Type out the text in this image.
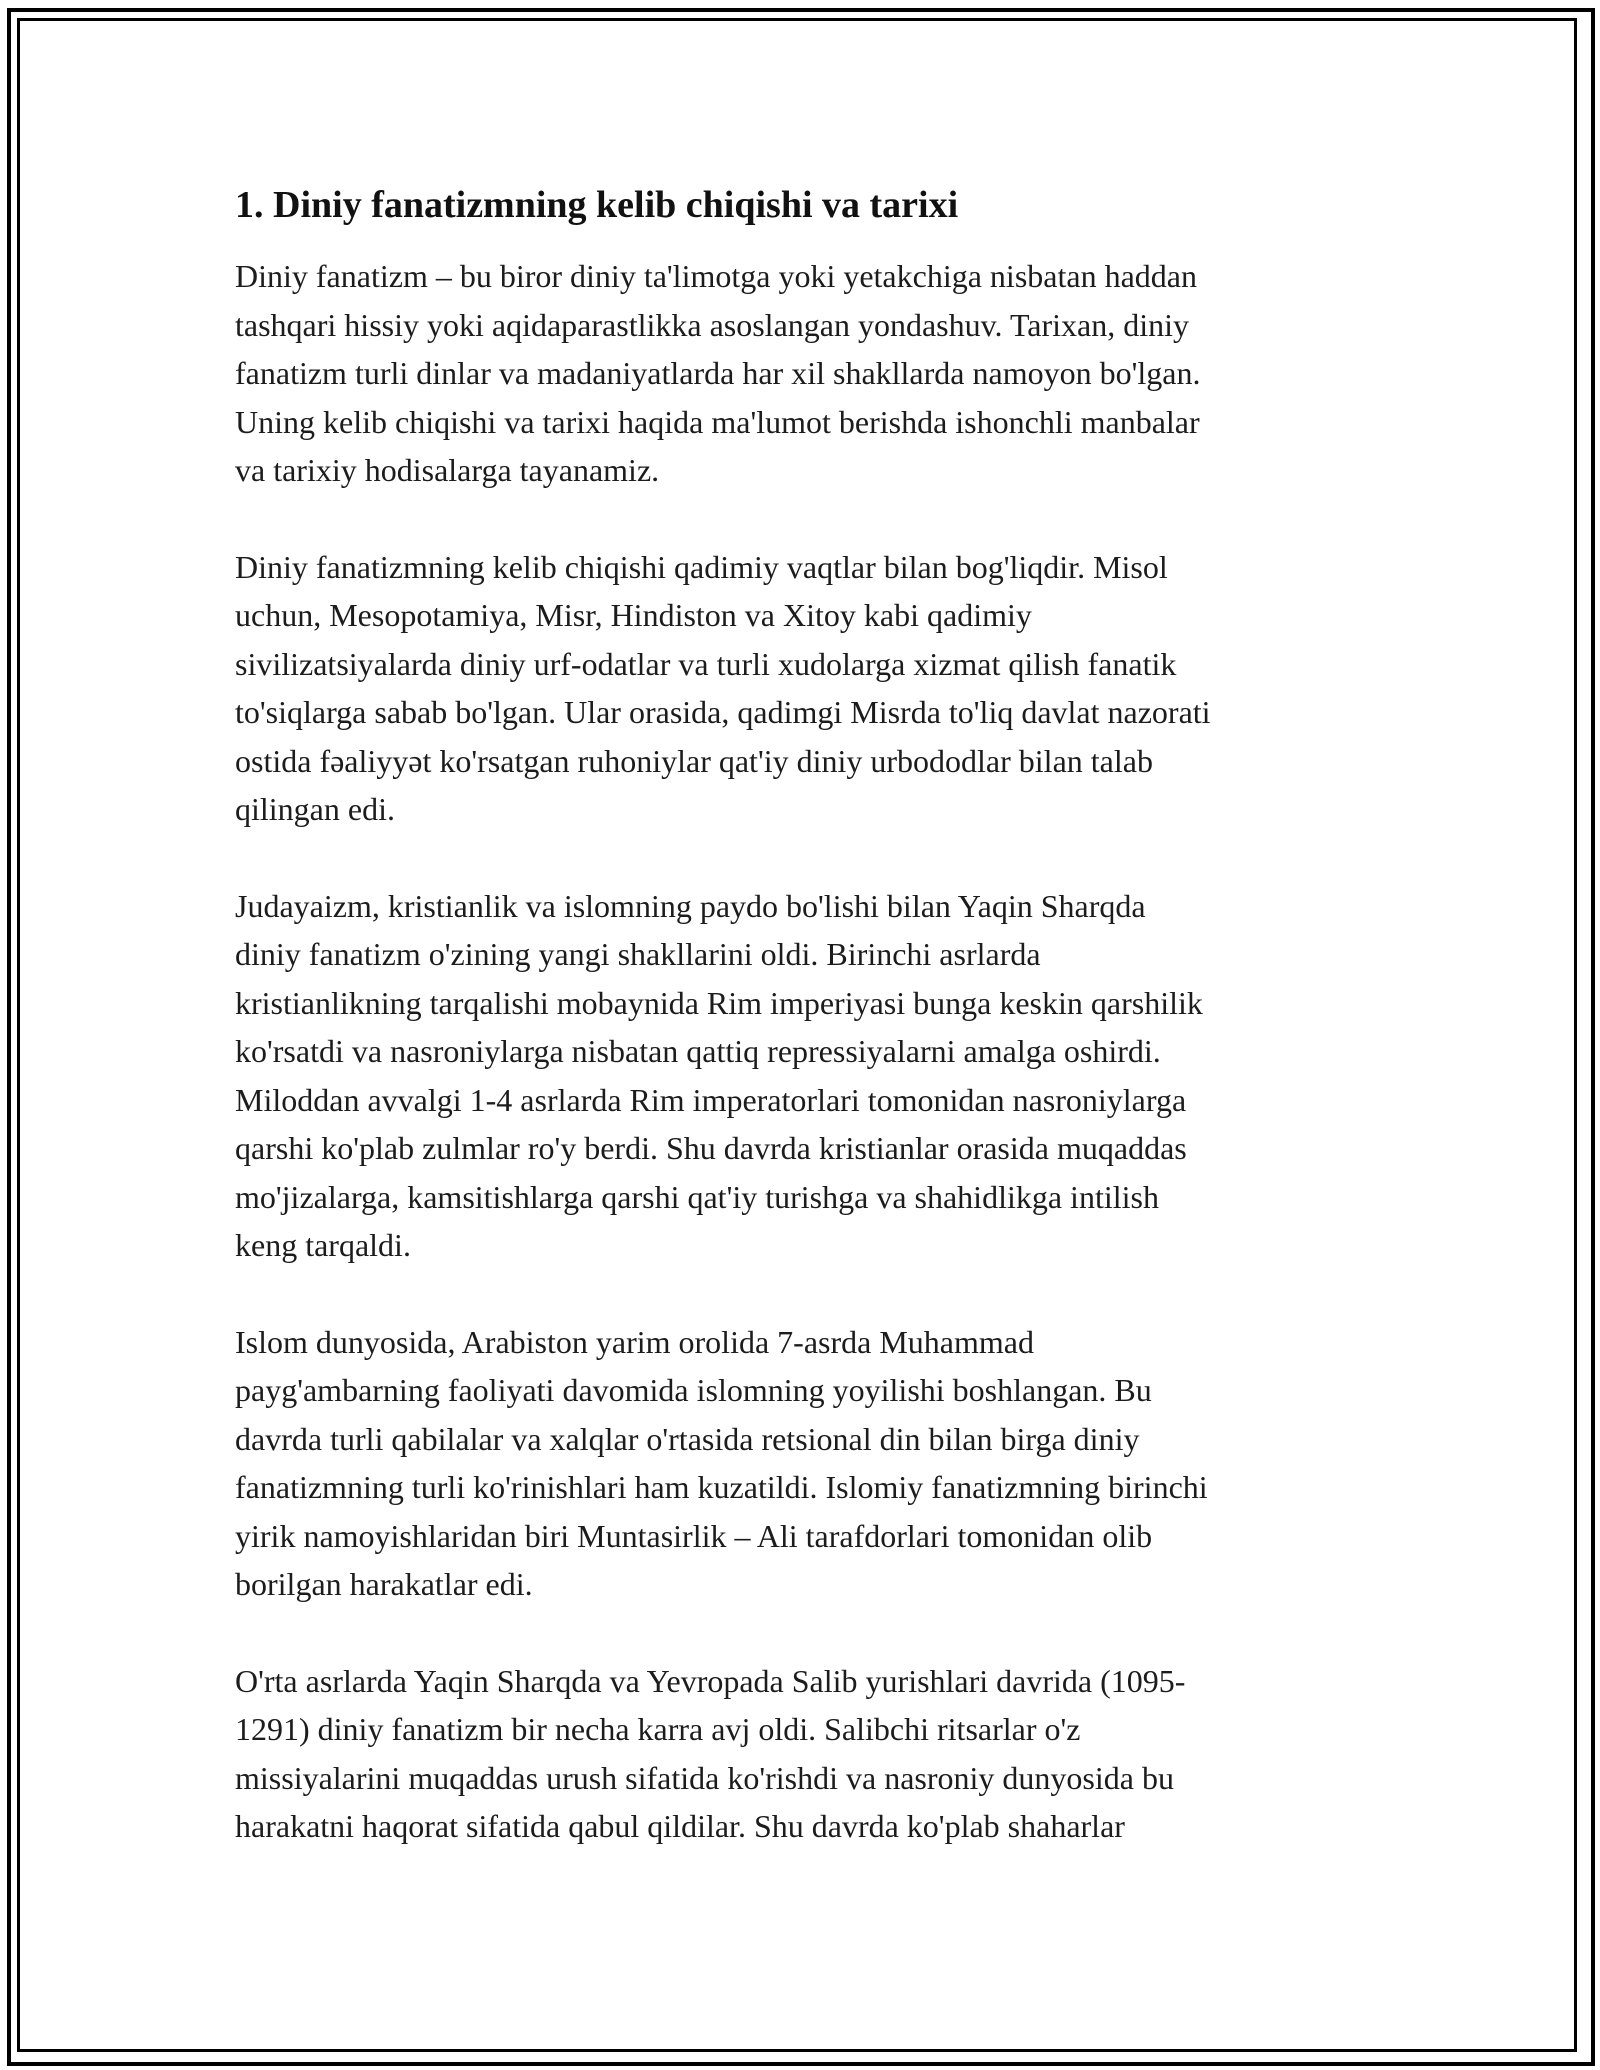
1. Diniy fanatizmning kelib chiqishi va tarixi

Diniy fanatizm – bu biror diniy ta'limotga yoki yetakchiga nisbatan haddan
tashqari hissiy yoki aqidaparastlikka asoslangan yondashuv. Tarixan, diniy
fanatizm turli dinlar va madaniyatlarda har xil shakllarda namoyon bo'lgan.
Uning kelib chiqishi va tarixi haqida ma'lumot berishda ishonchli manbalar
va tarixiy hodisalarga tayanamiz.

Diniy fanatizmning kelib chiqishi qadimiy vaqtlar bilan bog'liqdir. Misol
uchun, Mesopotamiya, Misr, Hindiston va Xitoy kabi qadimiy
sivilizatsiyalarda diniy urf-odatlar va turli xudolarga xizmat qilish fanatik
to'siqlarga sabab bo'lgan. Ular orasida, qadimgi Misrda to'liq davlat nazorati
ostida fəaliyyət ko'rsatgan ruhoniylar qat'iy diniy urbododlar bilan talab
qilingan edi.

Judayaizm, kristianlik va islomning paydo bo'lishi bilan Yaqin Sharqda
diniy fanatizm o'zining yangi shakllarini oldi. Birinchi asrlarda
kristianlikning tarqalishi mobaynida Rim imperiyasi bunga keskin qarshilik
ko'rsatdi va nasroniylarga nisbatan qattiq repressiyalarni amalga oshirdi.
Miloddan avvalgi 1-4 asrlarda Rim imperatorlari tomonidan nasroniylarga
qarshi ko'plab zulmlar ro'y berdi. Shu davrda kristianlar orasida muqaddas
mo'jizalarga, kamsitishlarga qarshi qat'iy turishga va shahidlikga intilish
keng tarqaldi.

Islom dunyosida, Arabiston yarim orolida 7-asrda Muhammad
payg'ambarning faoliyati davomida islomning yoyilishi boshlangan. Bu
davrda turli qabilalar va xalqlar o'rtasida retsional din bilan birga diniy
fanatizmning turli ko'rinishlari ham kuzatildi. Islomiy fanatizmning birinchi
yirik namoyishlaridan biri Muntasirlik – Ali tarafdorlari tomonidan olib
borilgan harakatlar edi.

O'rta asrlarda Yaqin Sharqda va Yevropada Salib yurishlari davrida (1095-
1291) diniy fanatizm bir necha karra avj oldi. Salibchi ritsarlar o'z
missiyalarini muqaddas urush sifatida ko'rishdi va nasroniy dunyosida bu
harakatni haqorat sifatida qabul qildilar. Shu davrda ko'plab shaharlar
